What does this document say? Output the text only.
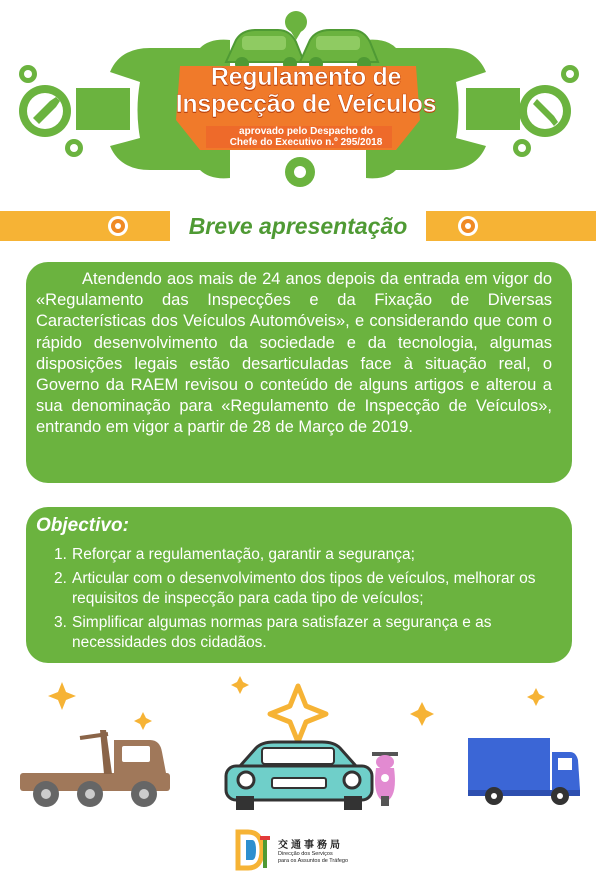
Regulamento de
Inspecção de Veículos
aprovado pelo Despacho do
Chefe do Executivo n.º 295/2018
Breve apresentação
Atendendo aos mais de 24 anos depois da entrada em vigor do «Regulamento das Inspecções e da Fixação de Diversas Características dos Veículos Automóveis», e considerando que com o rápido desenvolvimento da sociedade e da tecnologia, algumas disposições legais estão desarticuladas face à situação real, o Governo da RAEM revisou o conteúdo de alguns artigos e alterou a sua denominação para «Regulamento de Inspecção de Veículos», entrando em vigor a partir de 28 de Março de 2019.
Objectivo:
1. Reforçar a regulamentação, garantir a segurança;
2. Articular com o desenvolvimento dos tipos de veículos, melhorar os requisitos de inspecção para cada tipo de veículos;
3. Simplificar algumas normas para satisfazer a segurança e as necessidades dos cidadãos.
交通事務局
Direcção dos Serviços
para os Assuntos de Tráfego
